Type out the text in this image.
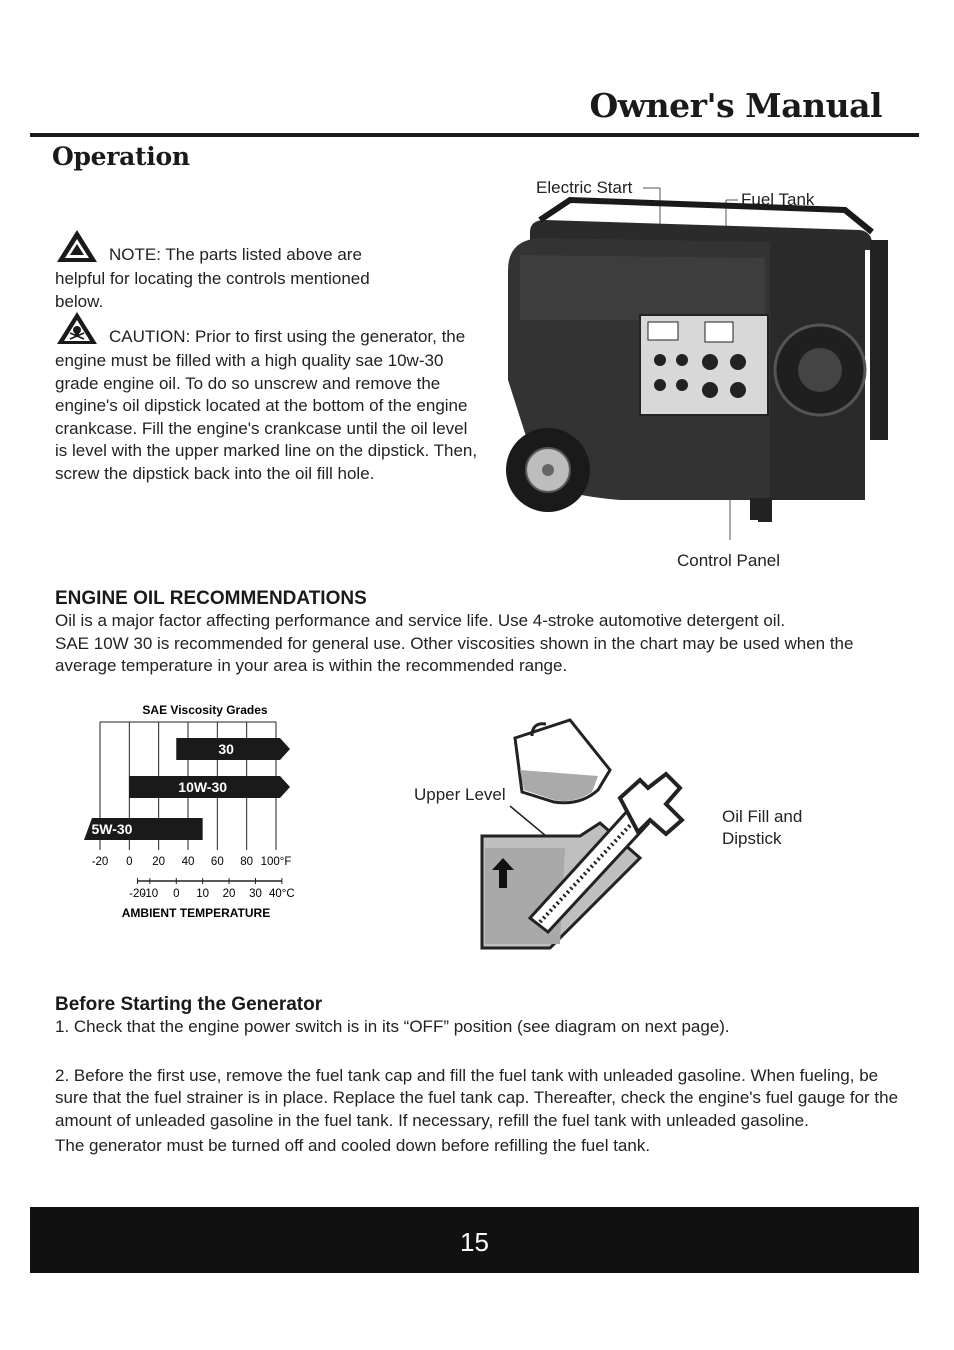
Owner's Manual
Operation
NOTE: The parts listed above are helpful for locating the controls mentioned below.
CAUTION: Prior to first using the generator, the engine must be filled with a high quality sae 10w-30 grade engine oil. To do so unscrew and remove the engine's oil dipstick located at the bottom of the engine crankcase. Fill the engine's crankcase until the oil level is level with the upper marked line on the dipstick. Then, screw the dipstick back into the oil fill hole.
Electric Start
Fuel Tank
Control Panel
ENGINE OIL RECOMMENDATIONS
Oil is a major factor affecting performance and service life. Use 4-stroke automotive detergent oil.
SAE 10W 30 is recommended for general use. Other viscosities shown in the chart may be used when the average temperature in your area is within the recommended range.
SAE Viscosity Grades
30
10W-30
5W-30
-20 0 20 40 60 80 100°F
-20
-10 0 10 20 30 40°C
AMBIENT TEMPERATURE
Upper Level
Oil Fill and
Dipstick
Before Starting the Generator
1. Check that the engine power switch is in its “OFF” position (see diagram on next page).
2. Before the first use, remove the fuel tank cap and fill the fuel tank with unleaded gasoline. When fueling, be sure that the fuel strainer is in place. Replace the fuel tank cap. Thereafter, check the engine's fuel gauge for the amount of unleaded gasoline in the fuel tank. If necessary, refill the fuel tank with unleaded gasoline.
The generator must be turned off and cooled down before refilling the fuel tank.
15
